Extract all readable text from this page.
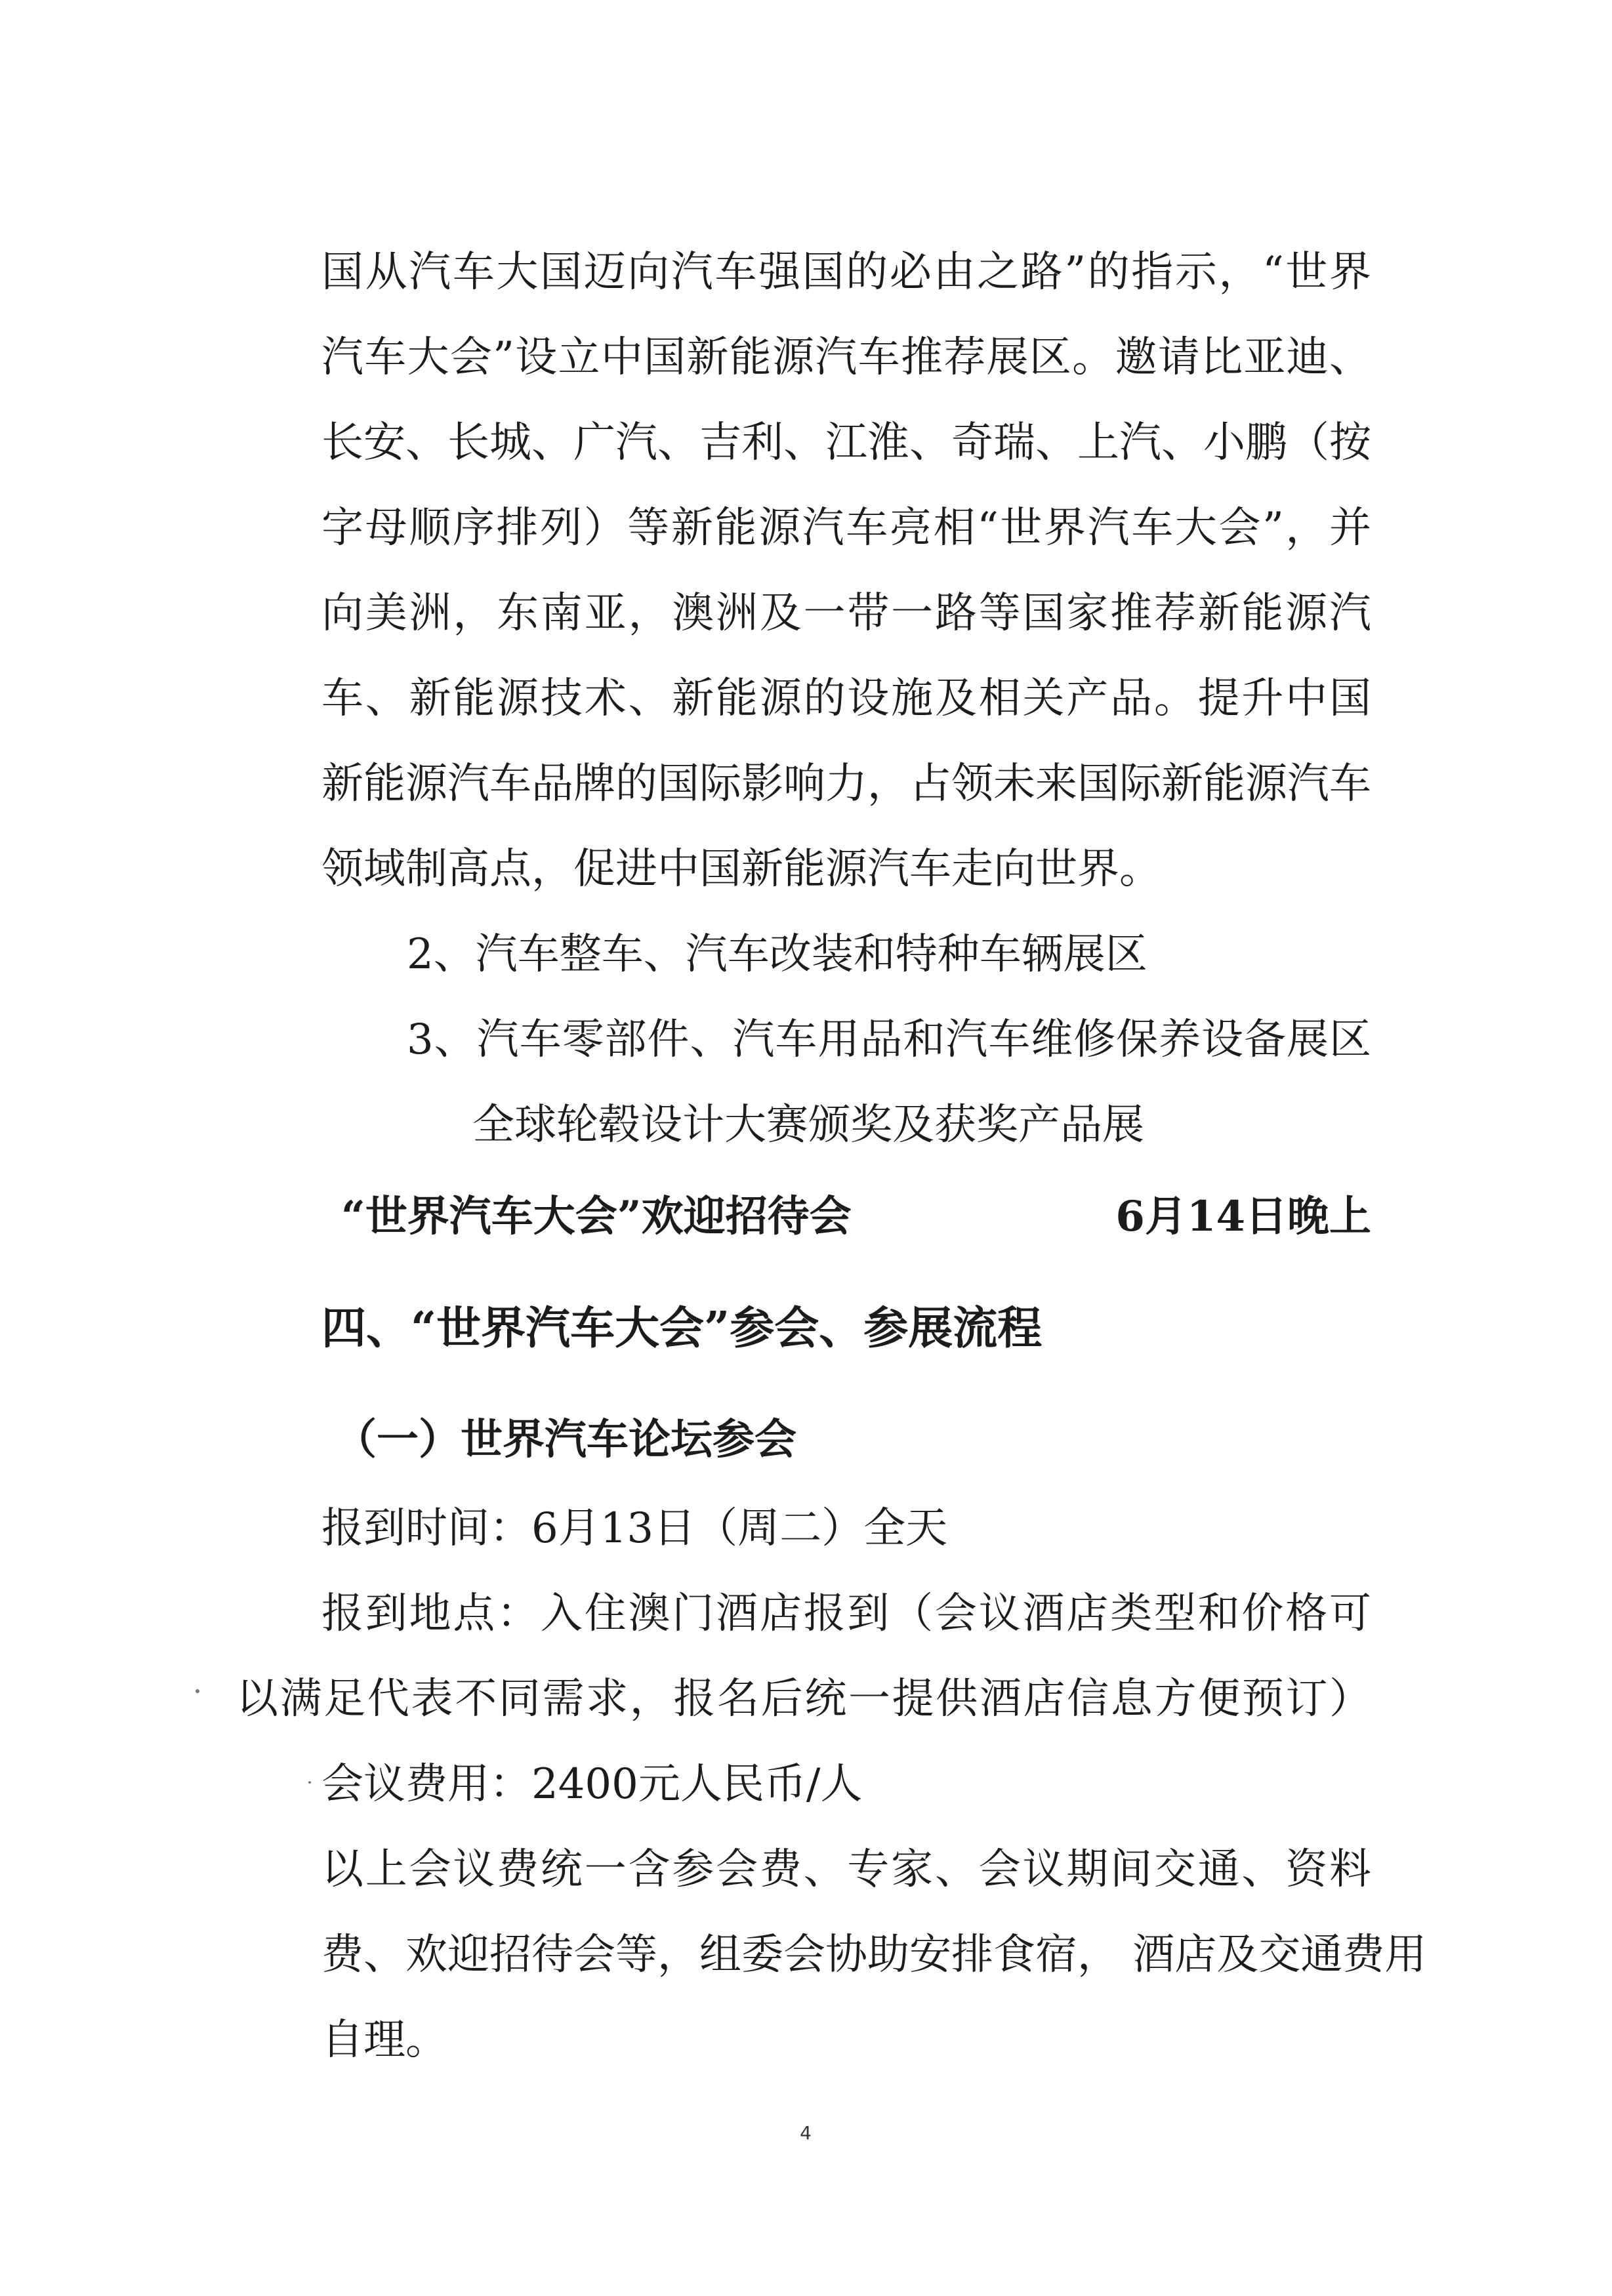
国从汽车大国迈向汽车强国的必由之路”的指示，“世界
汽车大会”设立中国新能源汽车推荐展区。邀请比亚迪、
长安、长城、广汽、吉利、江淮、奇瑞、上汽、小鹏（按
字母顺序排列）等新能源汽车亮相“世界汽车大会”，并
向美洲，东南亚，澳洲及一带一路等国家推荐新能源汽
车、新能源技术、新能源的设施及相关产品。提升中国
新能源汽车品牌的国际影响力，占领未来国际新能源汽车
领域制高点，促进中国新能源汽车走向世界。
2、汽车整车、汽车改装和特种车辆展区
3、汽车零部件、汽车用品和汽车维修保养设备展区
全球轮毂设计大赛颁奖及获奖产品展
“世界汽车大会”欢迎招待会	6月14日晚上
四、“世界汽车大会”参会、参展流程
（一）世界汽车论坛参会
报到时间：6月13日（周二）全天
报到地点：入住澳门酒店报到（会议酒店类型和价格可
以满足代表不同需求，报名后统一提供酒店信息方便预订）
会议费用：2400元人民币/人
以上会议费统一含参会费、专家、会议期间交通、资料
费、欢迎招待会等，组委会协助安排食宿， 酒店及交通费用
自理。
4
